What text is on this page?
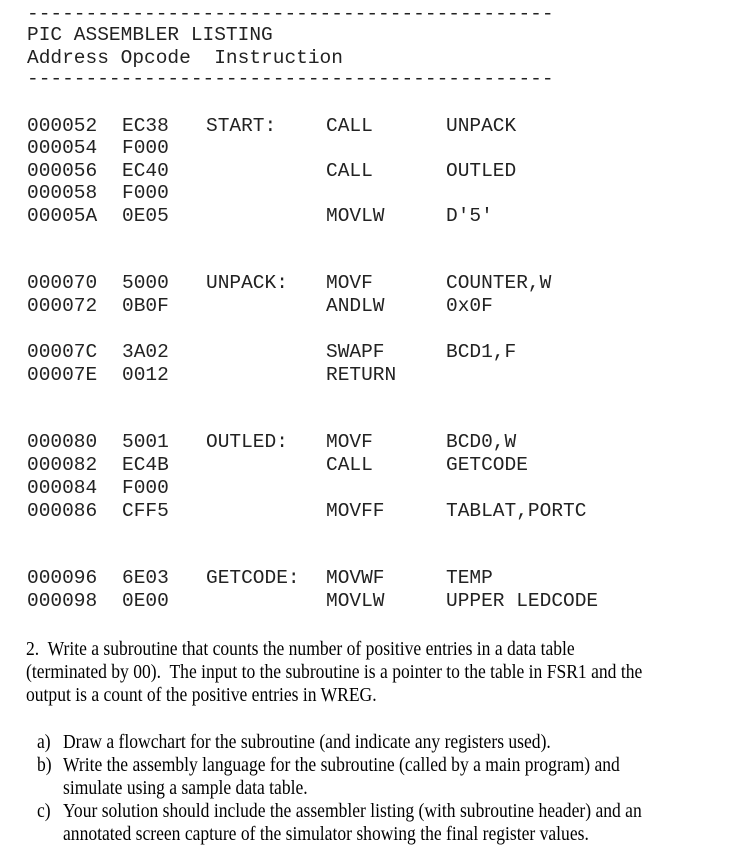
---------------------------------------------
PIC ASSEMBLER LISTING
Address Opcode  Instruction
---------------------------------------------
000052 EC38 START:	CALL	UNPACK
000054 F000
000056 EC40	CALL	OUTLED
000058 F000
00005A 0E05	MOVLW	D'5'
000070 5000 UNPACK: MOVF	COUNTER,W
000072 0B0F	ANDLW	0x0F
00007C 3A02	SWAPF	BCD1,F
00007E 0012	RETURN
000080 5001 OUTLED: MOVF	BCD0,W
000082 EC4B	CALL	GETCODE
000084 F000
000086 CFF5	MOVFF	TABLAT,PORTC
000096 6E03 GETCODE: MOVWF	TEMP
000098 0E00	MOVLW	UPPER LEDCODE
2.  Write a subroutine that counts the number of positive entries in a data table
(terminated by 00).  The input to the subroutine is a pointer to the table in FSR1 and the
output is a count of the positive entries in WREG.
a) Draw a flowchart for the subroutine (and indicate any registers used).
b) Write the assembly language for the subroutine (called by a main program) and
simulate using a sample data table.
c) Your solution should include the assembler listing (with subroutine header) and an
annotated screen capture of the simulator showing the final register values.
